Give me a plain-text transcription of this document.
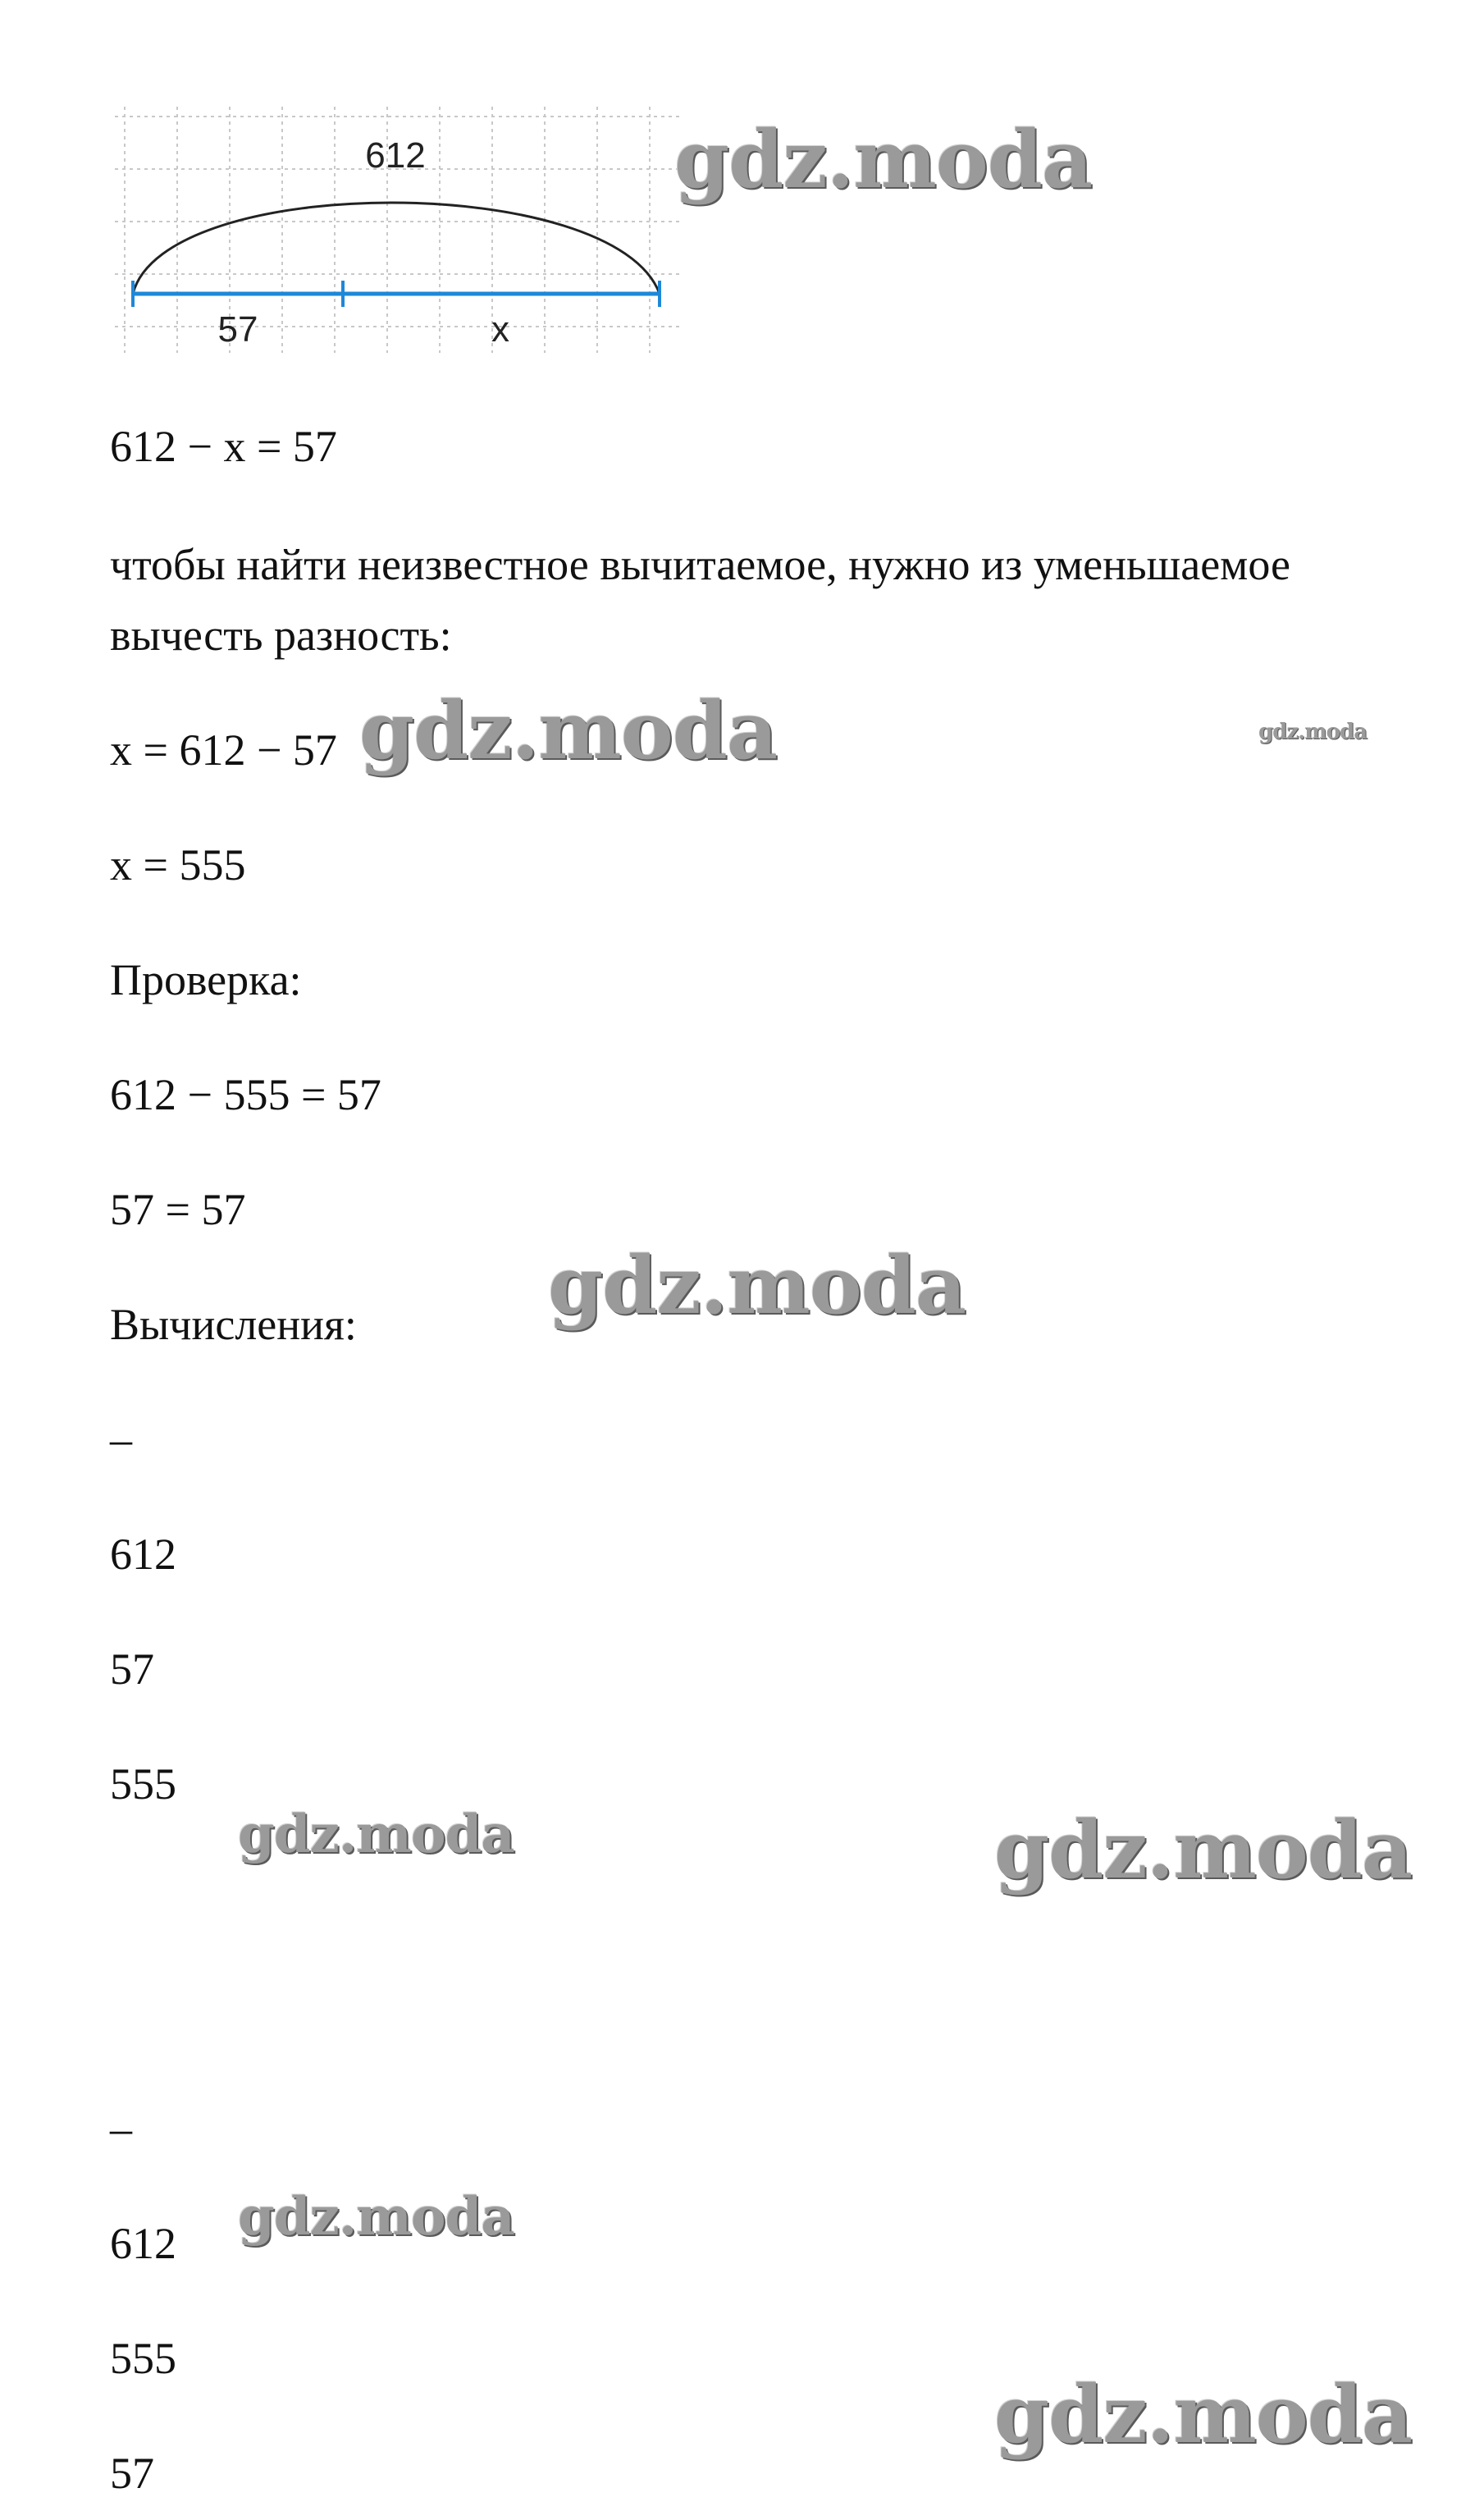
612
57	x

612 − x = 57

чтобы найти неизвестное вычитаемое, нужно из уменьшаемое вычесть разность:

x = 612 − 57

x = 555

Проверка:

612 − 555 = 57

57 = 57

Вычисления:

–

612

57

555

–

612

555

57

gdz.moda

gdz.moda	gdz.moda

gdz.moda

gdz.moda	gdz.moda

gdz.moda

gdz.moda
